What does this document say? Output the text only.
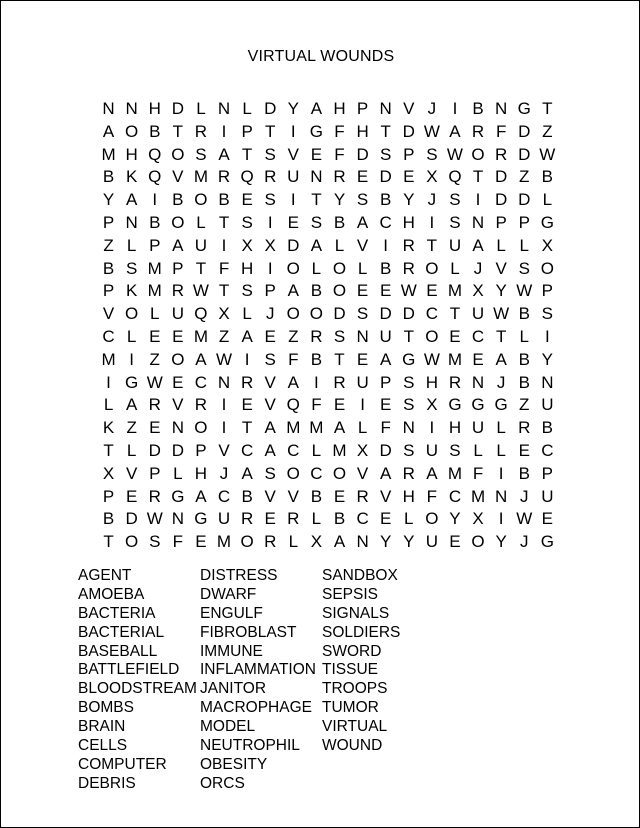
VIRTUAL WOUNDS
N N H D L N L D Y A H P N V J I B N G T
A O B T R I P T I G F H T D W A R F D Z
M H Q O S A T S V E F D S P S W O R D W
B K Q V M R Q R U N R E D E X Q T D Z B
Y A I B O B E S I T Y S B Y J S I D D L
P N B O L T S I E S B A C H I S N P P G
Z L P A U I X X D A L V I R T U A L L X
B S M P T F H I O L O L B R O L J V S O
P K M R W T S P A B O E E W E M X Y W P
V O L U Q X L J O O D S D D C T U W B S
C L E E M Z A E Z R S N U T O E C T L I
M I Z O A W I S F B T E A G W M E A B Y
I G W E C N R V A I R U P S H R N J B N
L A R V R I E V Q F E I E S X G G G Z U
K Z E N O I T A M M A L F N I H U L R B
T L D D P V C A C L M X D S U S L L E C
X V P L H J A S O C O V A R A M F I B P
P E R G A C B V V B E R V H F C M N J U
B D W N G U R E R L B C E L O Y X I W E
T O S F E M O R L X A N Y Y U E O Y J G
AGENT
AMOEBA
BACTERIA
BACTERIAL
BASEBALL
BATTLEFIELD
BLOODSTREAM
BOMBS
BRAIN
CELLS
COMPUTER
DEBRIS
DISTRESS
DWARF
ENGULF
FIBROBLAST
IMMUNE
INFLAMMATION
JANITOR
MACROPHAGE
MODEL
NEUTROPHIL
OBESITY
ORCS
SANDBOX
SEPSIS
SIGNALS
SOLDIERS
SWORD
TISSUE
TROOPS
TUMOR
VIRTUAL
WOUND
